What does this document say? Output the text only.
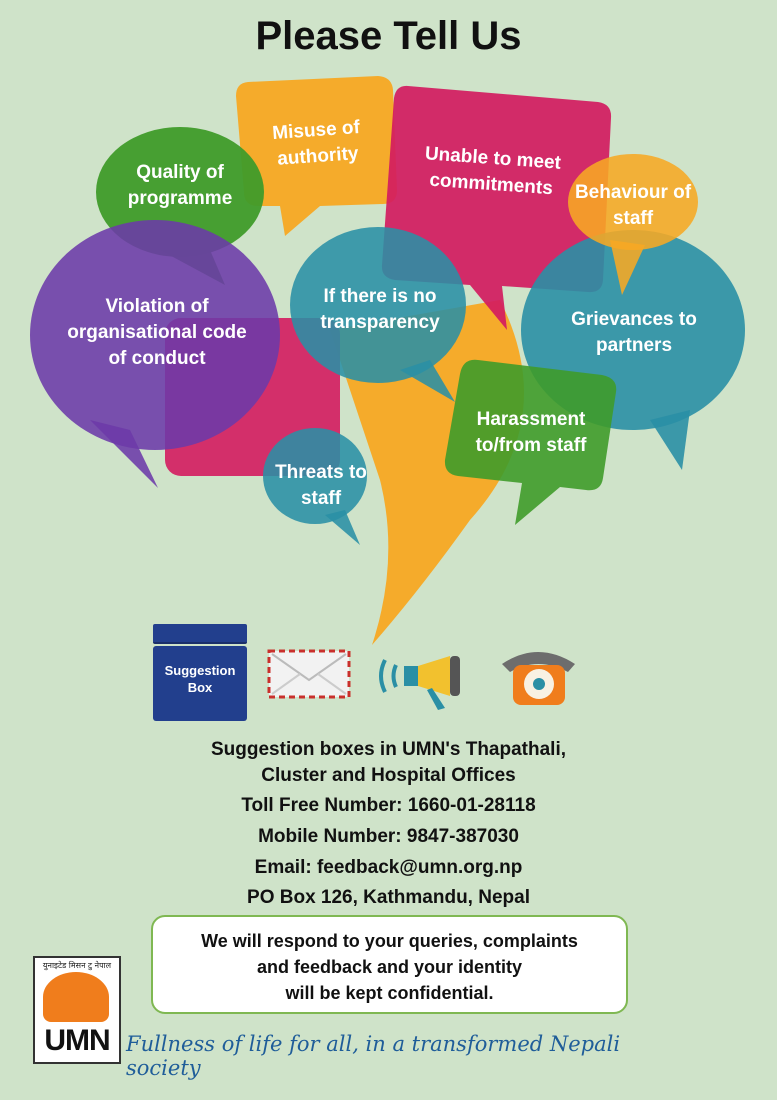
Please Tell Us
Quality of programme
Misuse of authority	Unable to meet commitments	Behaviour of staff
Violation of organisational code of conduct
If there is no transparency	Grievances to partners
Harassment to/from staff
Threats to staff
Suggestion Box
Suggestion boxes in UMN's Thapathali,
Cluster and Hospital Offices
Toll Free Number: 1660-01-28118
Mobile Number: 9847-387030
Email: feedback@umn.org.np
PO Box 126, Kathmandu, Nepal
We will respond to your queries, complaints
and feedback and your identity
will be kept confidential.
युनाइटेड मिसन टु नेपाल
UMN Fullness of life for all, in a transformed Nepali society
